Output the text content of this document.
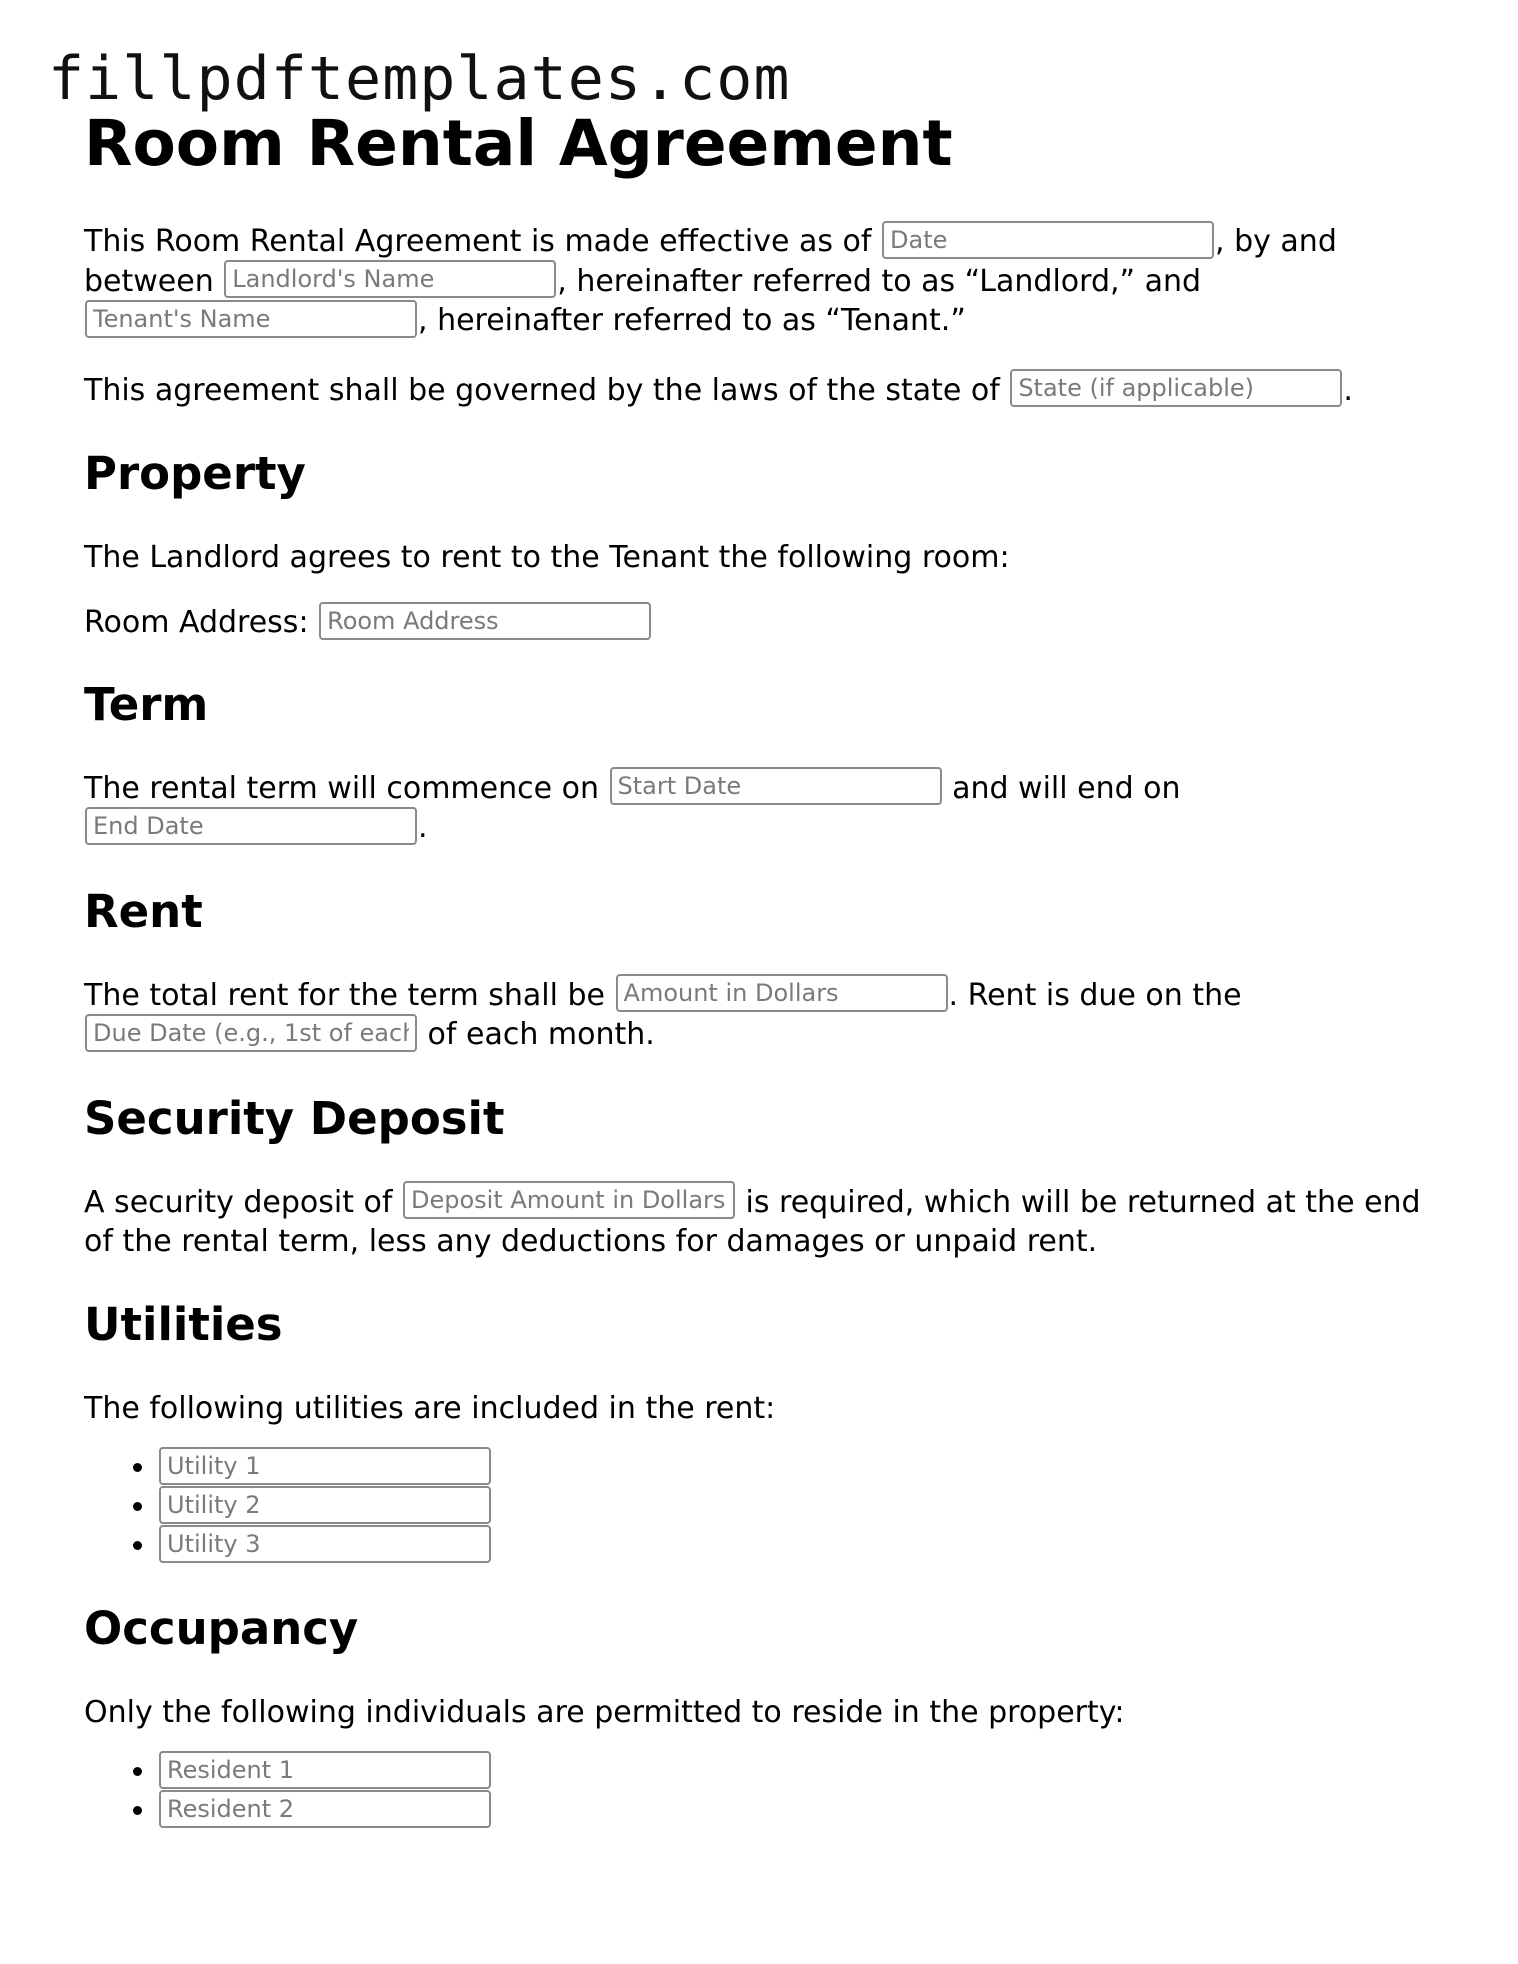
fillpdftemplates.com
Room Rental Agreement

This Room Rental Agreement is made effective as of Date	, by and between Landlord's Name	, hereinafter referred to as “Landlord,” and Tenant's Name, hereinafter referred to as “Tenant.”

This agreement shall be governed by the laws of the state of State (if applicable)	.

Property

The Landlord agrees to rent to the Tenant the following room:

Room Address: Room Address

Term

The rental term will commence on Start Date	and will end on End Date.

Rent

The total rent for the term shall be Amount in Dollars	. Rent is due on the Due Date (e.g., 1st of each month) of each month.

Security Deposit

A security deposit of Deposit Amount in Dollars	is required, which will be returned at the end of the rental term, less any deductions for damages or unpaid rent.

Utilities

The following utilities are included in the rent:

• Utility 1
• Utility 2
• Utility 3
Occupancy

Only the following individuals are permitted to reside in the property:

• Resident 1
• Resident 2
